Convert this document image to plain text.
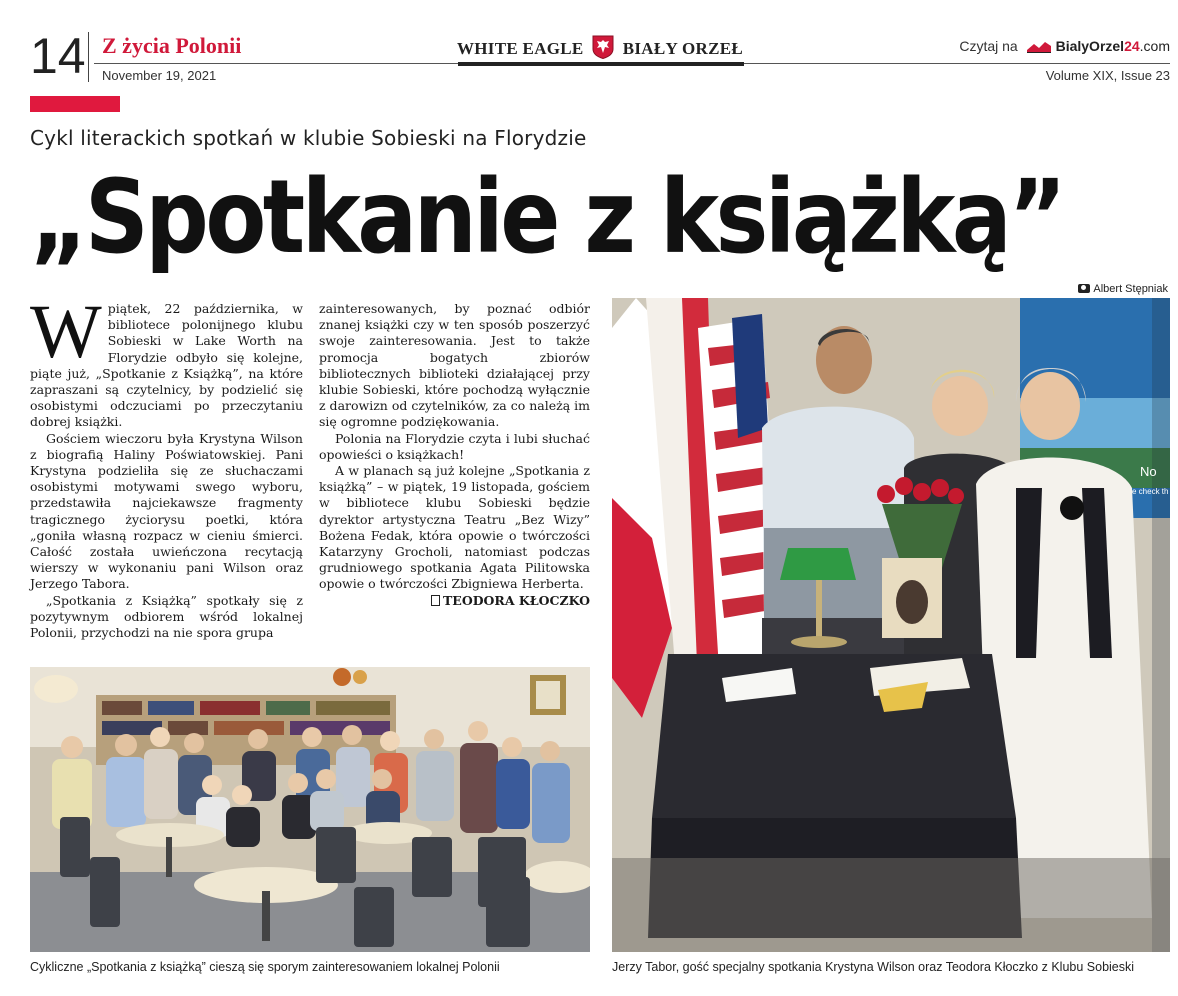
14 Z życia Polonii	WHITE EAGLE BIAŁY ORZEŁ
November 19, 2021
Czytaj na	BialyOrzel24.com
Volume XIX, Issue 23
Cykl literackich spotkań w klubie Sobieski na Florydzie
„Spotkanie z książką”
Albert Stępniak

Wpiątek, 22 października, w bibliotece polonijnego klubu Sobieski w Lake Worth na Florydzie odbyło się kolejne, piąte już, „Spotkanie z Książką”, na które zapraszani są czytelnicy, by podzielić się osobistymi odczuciami po przeczytaniu dobrej książki.

Gościem wieczoru była Krystyna Wilson z biografią Haliny Poświatowskiej. Pani Krystyna podzieliła się ze słuchaczami osobistymi motywami swego wyboru, przedstawiła najciekawsze fragmenty tragicznego życiorysu poetki, która „goniła własną rozpacz w cieniu śmierci. Całość została uwieńczona recytacją wierszy w wykonaniu pani Wilson oraz Jerzego Tabora.

„Spotkania z Książką” spotkały się z pozytywnym odbiorem wśród lokalnej Polonii, przychodzi na nie spora grupa

zainteresowanych, by poznać odbiór znanej książki czy w ten sposób poszerzyć swoje zainteresowania. Jest to także promocja bogatych zbiorów bibliotecznych biblioteki działającej przy klubie Sobieski, które pochodzą wyłącznie z darowizn od czytelników, za co należą im się ogromne podziękowania.

Polonia na Florydzie czyta i lubi słuchać opowieści o książkach!

A w planach są już kolejne „Spotkania z książką” – w piątek, 19 listopada, gościem w bibliotece klubu Sobieski będzie dyrektor artystyczna Teatru „Bez Wizy” Bożena Fedak, która opowie o twórczości Katarzyny Grocholi, natomiast podczas grudniowego spotkania Agata Pilitowska opowie o twórczości Zbigniewa Herberta.

TEODORA KŁOCZKO

Cykliczne „Spotkania z książką” cieszą się sporym zainteresowaniem lokalnej Polonii
No
e check th
Jerzy Tabor, gość specjalny spotkania Krystyna Wilson oraz Teodora Kłoczko z Klubu Sobieski
